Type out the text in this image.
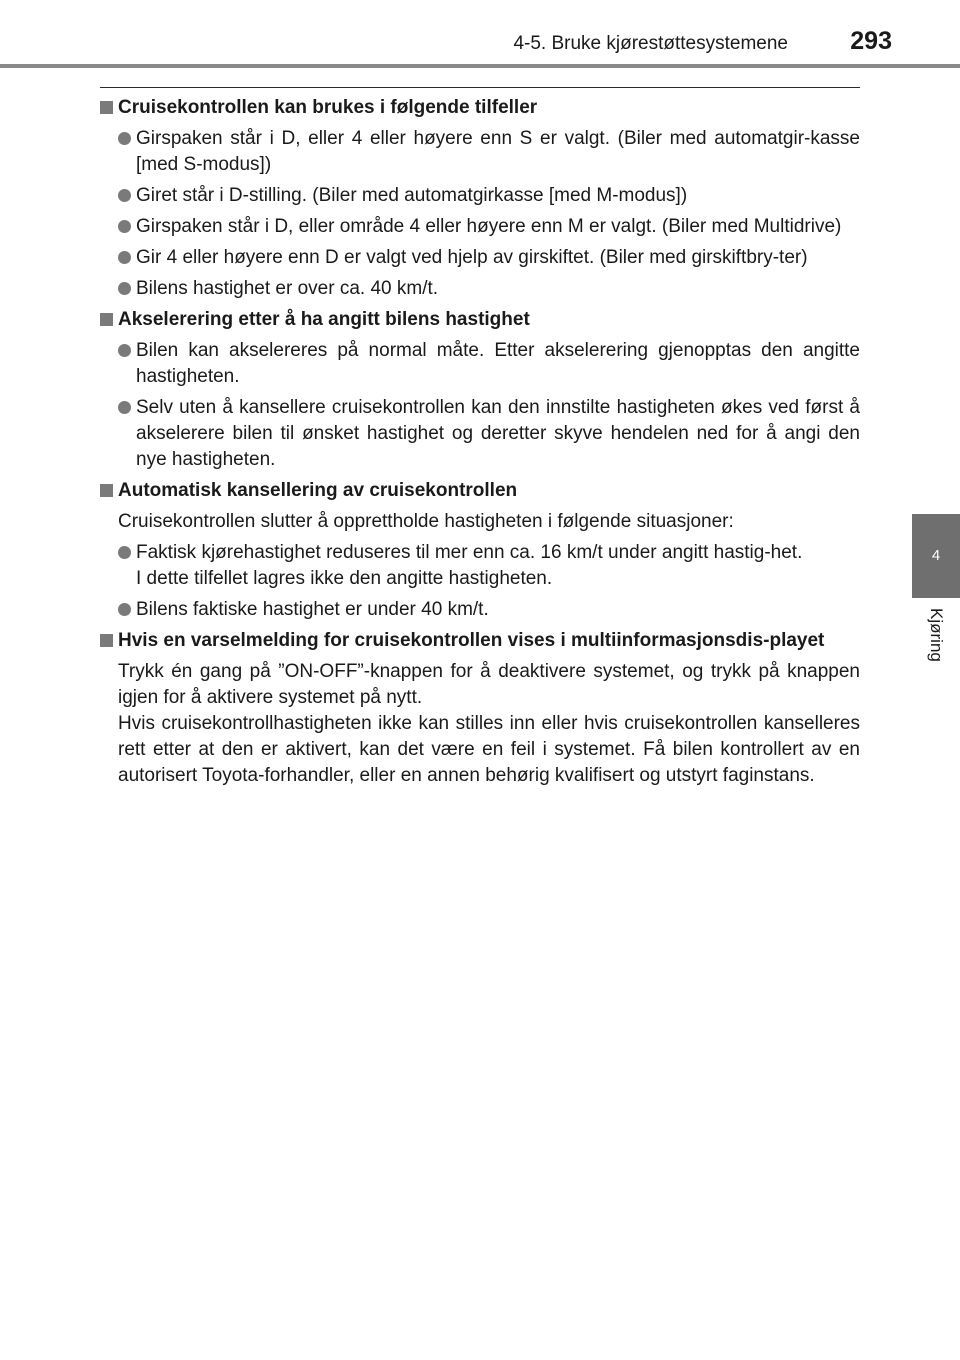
4-5. Bruke kjørestøttesystemene 293
4
Kjøring
Cruisekontrollen kan brukes i følgende tilfeller
Girspaken står i D, eller 4 eller høyere enn S er valgt. (Biler med automatgir-kasse [med S-modus])
Giret står i D-stilling. (Biler med automatgirkasse [med M-modus])
Girspaken står i D, eller område 4 eller høyere enn M er valgt. (Biler med Multidrive)
Gir 4 eller høyere enn D er valgt ved hjelp av girskiftet. (Biler med girskiftbry-ter)
Bilens hastighet er over ca. 40 km/t.
Akselerering etter å ha angitt bilens hastighet
Bilen kan akselereres på normal måte. Etter akselerering gjenopptas den angitte hastigheten.
Selv uten å kansellere cruisekontrollen kan den innstilte hastigheten økes ved først å akselerere bilen til ønsket hastighet og deretter skyve hendelen ned for å angi den nye hastigheten.
Automatisk kansellering av cruisekontrollen
Cruisekontrollen slutter å opprettholde hastigheten i følgende situasjoner:
Faktisk kjørehastighet reduseres til mer enn ca. 16 km/t under angitt hastig-het.
I dette tilfellet lagres ikke den angitte hastigheten.
Bilens faktiske hastighet er under 40 km/t.
Hvis en varselmelding for cruisekontrollen vises i multiinformasjonsdis-playet
Trykk én gang på ”ON-OFF”-knappen for å deaktivere systemet, og trykk på knappen igjen for å aktivere systemet på nytt.
Hvis cruisekontrollhastigheten ikke kan stilles inn eller hvis cruisekontrollen kanselleres rett etter at den er aktivert, kan det være en feil i systemet. Få bilen kontrollert av en autorisert Toyota-forhandler, eller en annen behørig kvalifisert og utstyrt faginstans.
